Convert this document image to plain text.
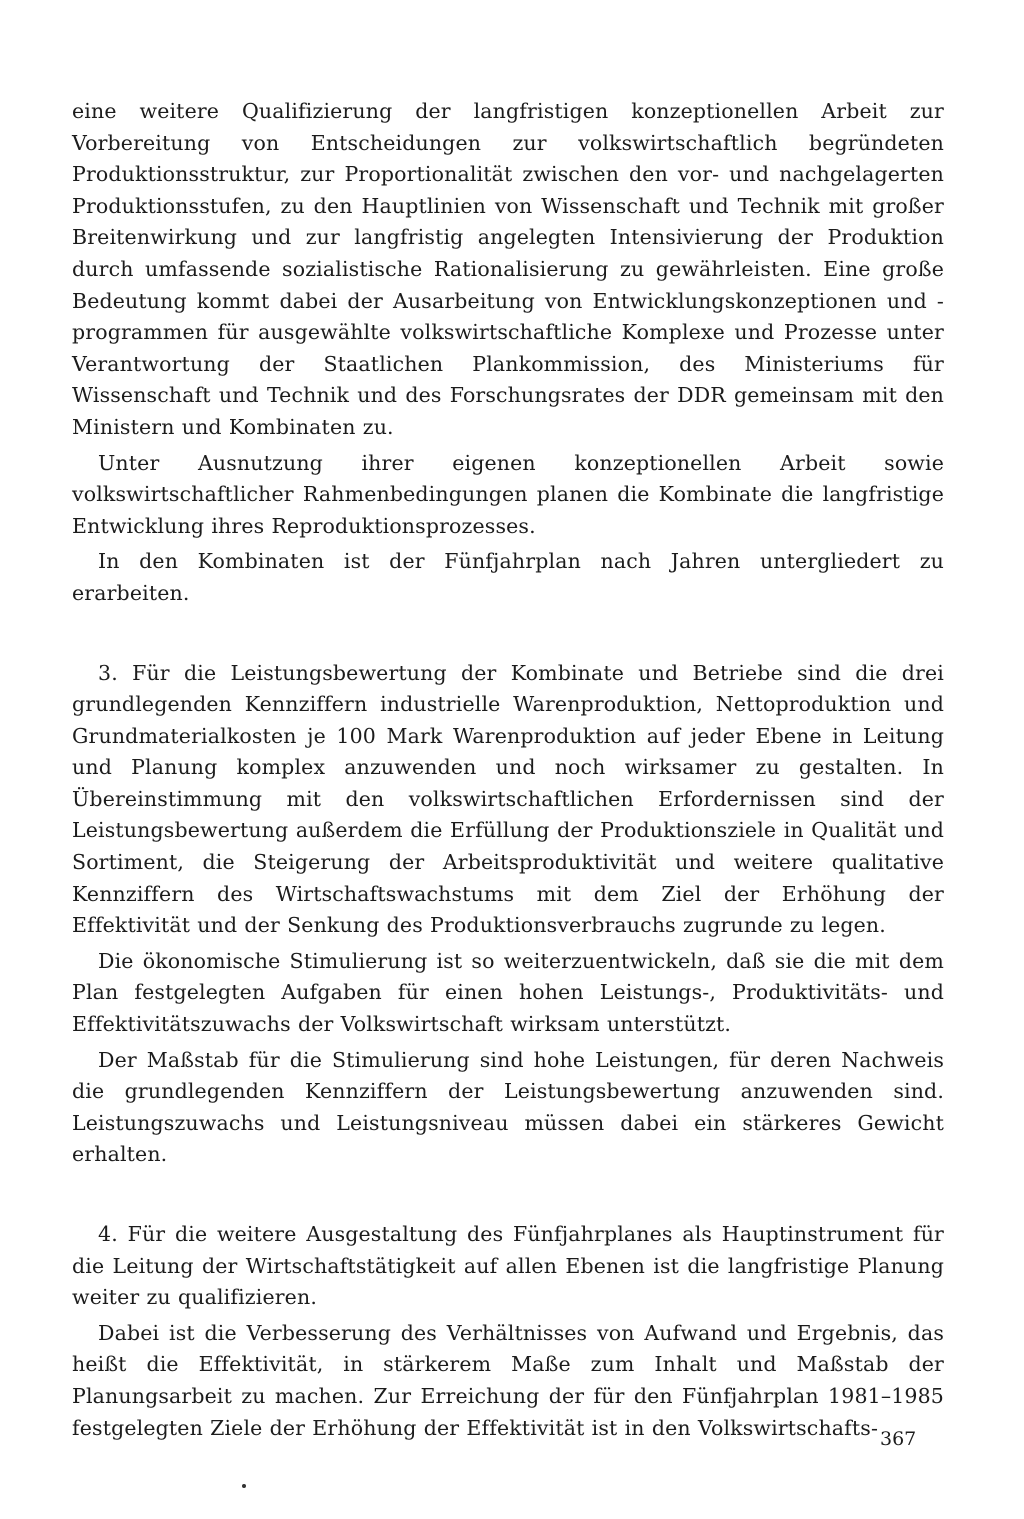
eine weitere Qualifizierung der langfristigen konzeptionellen Arbeit zur Vorbereitung von Entscheidungen zur volkswirtschaftlich begründeten Produktionsstruktur, zur Proportionalität zwischen den vor- und nachgelagerten Produktionsstufen, zu den Hauptlinien von Wissenschaft und Technik mit großer Breitenwirkung und zur langfristig angelegten Intensivierung der Produktion durch umfassende sozialistische Rationalisierung zu gewährleisten. Eine große Bedeutung kommt dabei der Ausarbeitung von Entwicklungskonzeptionen und -programmen für ausgewählte volkswirtschaftliche Komplexe und Prozesse unter Verantwortung der Staatlichen Plankommission, des Ministeriums für Wissenschaft und Technik und des Forschungsrates der DDR gemeinsam mit den Ministern und Kombinaten zu.

Unter Ausnutzung ihrer eigenen konzeptionellen Arbeit sowie volkswirtschaftlicher Rahmenbedingungen planen die Kombinate die langfristige Entwicklung ihres Reproduktionsprozesses.

In den Kombinaten ist der Fünfjahrplan nach Jahren untergliedert zu erarbeiten.

3. Für die Leistungsbewertung der Kombinate und Betriebe sind die drei grundlegenden Kennziffern industrielle Warenproduktion, Nettoproduktion und Grundmaterialkosten je 100 Mark Warenproduktion auf jeder Ebene in Leitung und Planung komplex anzuwenden und noch wirksamer zu gestalten. In Übereinstimmung mit den volkswirtschaftlichen Erfordernissen sind der Leistungsbewertung außerdem die Erfüllung der Produktionsziele in Qualität und Sortiment, die Steigerung der Arbeitsproduktivität und weitere qualitative Kennziffern des Wirtschaftswachstums mit dem Ziel der Erhöhung der Effektivität und der Senkung des Produktionsverbrauchs zugrunde zu legen.

Die ökonomische Stimulierung ist so weiterzuentwickeln, daß sie die mit dem Plan festgelegten Aufgaben für einen hohen Leistungs-, Produktivitäts- und Effektivitätszuwachs der Volkswirtschaft wirksam unterstützt.

Der Maßstab für die Stimulierung sind hohe Leistungen, für deren Nachweis die grundlegenden Kennziffern der Leistungsbewertung anzuwenden sind. Leistungszuwachs und Leistungsniveau müssen dabei ein stärkeres Gewicht erhalten.

4. Für die weitere Ausgestaltung des Fünfjahrplanes als Hauptinstrument für die Leitung der Wirtschaftstätigkeit auf allen Ebenen ist die langfristige Planung weiter zu qualifizieren.

Dabei ist die Verbesserung des Verhältnisses von Aufwand und Ergebnis, das heißt die Effektivität, in stärkerem Maße zum Inhalt und Maßstab der Planungsarbeit zu machen. Zur Erreichung der für den Fünfjahrplan 1981–1985 festgelegten Ziele der Erhöhung der Effektivität ist in den Volkswirtschafts- 367
